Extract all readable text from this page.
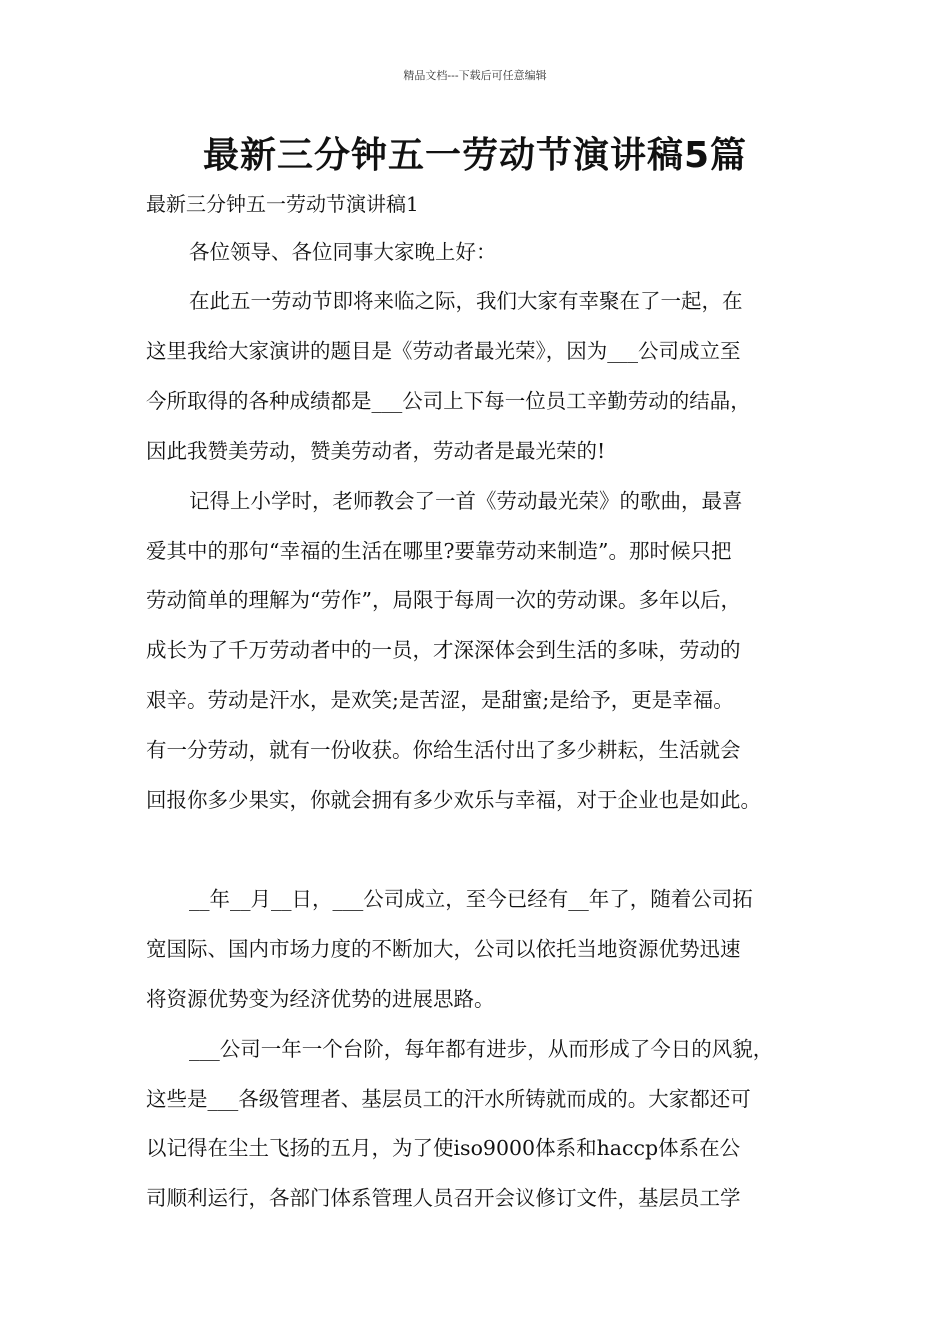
精品文档---下载后可任意编辑
最新三分钟五一劳动节演讲稿5篇
最新三分钟五一劳动节演讲稿1
各位领导、各位同事大家晚上好：
在此五一劳动节即将来临之际，我们大家有幸聚在了一起，在
这里我给大家演讲的题目是《劳动者最光荣》，因为___公司成立至
今所取得的各种成绩都是___公司上下每一位员工辛勤劳动的结晶，
因此我赞美劳动，赞美劳动者，劳动者是最光荣的!
记得上小学时，老师教会了一首《劳动最光荣》的歌曲，最喜
爱其中的那句“幸福的生活在哪里?要靠劳动来制造”。那时候只把
劳动简单的理解为“劳作”，局限于每周一次的劳动课。多年以后，
成长为了千万劳动者中的一员，才深深体会到生活的多味，劳动的
艰辛。劳动是汗水，是欢笑;是苦涩，是甜蜜;是给予，更是幸福。
有一分劳动，就有一份收获。你给生活付出了多少耕耘，生活就会
回报你多少果实，你就会拥有多少欢乐与幸福，对于企业也是如此。
__年__月__日，___公司成立，至今已经有__年了，随着公司拓
宽国际、国内市场力度的不断加大，公司以依托当地资源优势迅速
将资源优势变为经济优势的进展思路。
___公司一年一个台阶，每年都有进步，从而形成了今日的风貌，
这些是___各级管理者、基层员工的汗水所铸就而成的。大家都还可
以记得在尘土飞扬的五月，为了使iso9000体系和haccp体系在公
司顺利运行，各部门体系管理人员召开会议修订文件，基层员工学
